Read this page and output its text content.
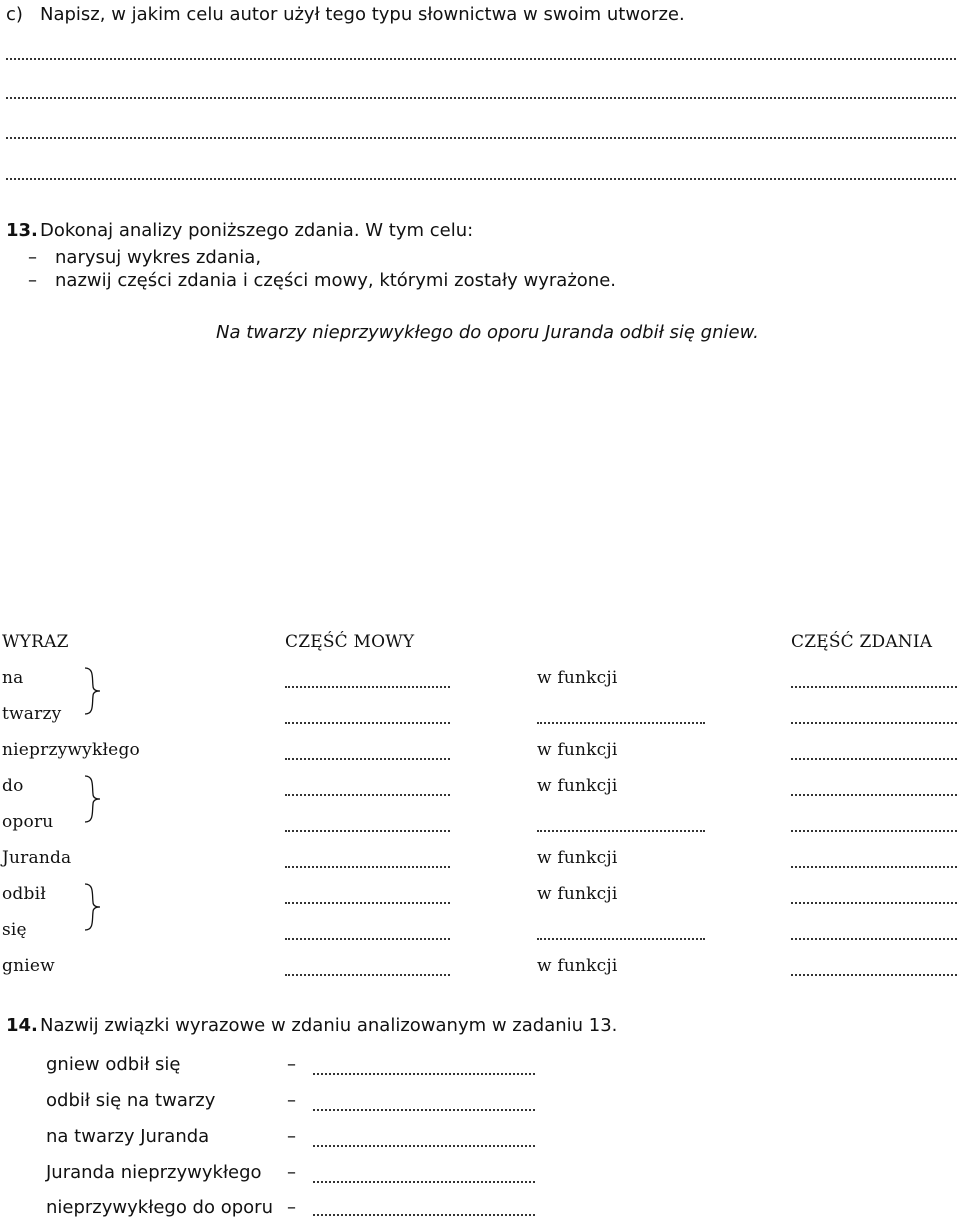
c) Napisz, w jakim celu autor użył tego typu słownictwa w swoim utworze.
13. Dokonaj analizy poniższego zdania. W tym celu:
– narysuj wykres zdania,
– nazwij części zdania i części mowy, którymi zostały wyrażone.
Na twarzy nieprzywykłego do oporu Juranda odbił się gniew.
WYRAZ	CZĘŚĆ MOWY	CZĘŚĆ ZDANIA
na
twarzy
nieprzywykłego
do
oporu
Juranda
odbił
się
gniew
w funkcji
w funkcji
w funkcji
w funkcji
w funkcji
w funkcji
14. Nazwij związki wyrazowe w zdaniu analizowanym w zadaniu 13.
gniew odbił się
odbił się na twarzy
na twarzy Juranda
Juranda nieprzywykłego
nieprzywykłego do oporu
–
–
–
–
–
